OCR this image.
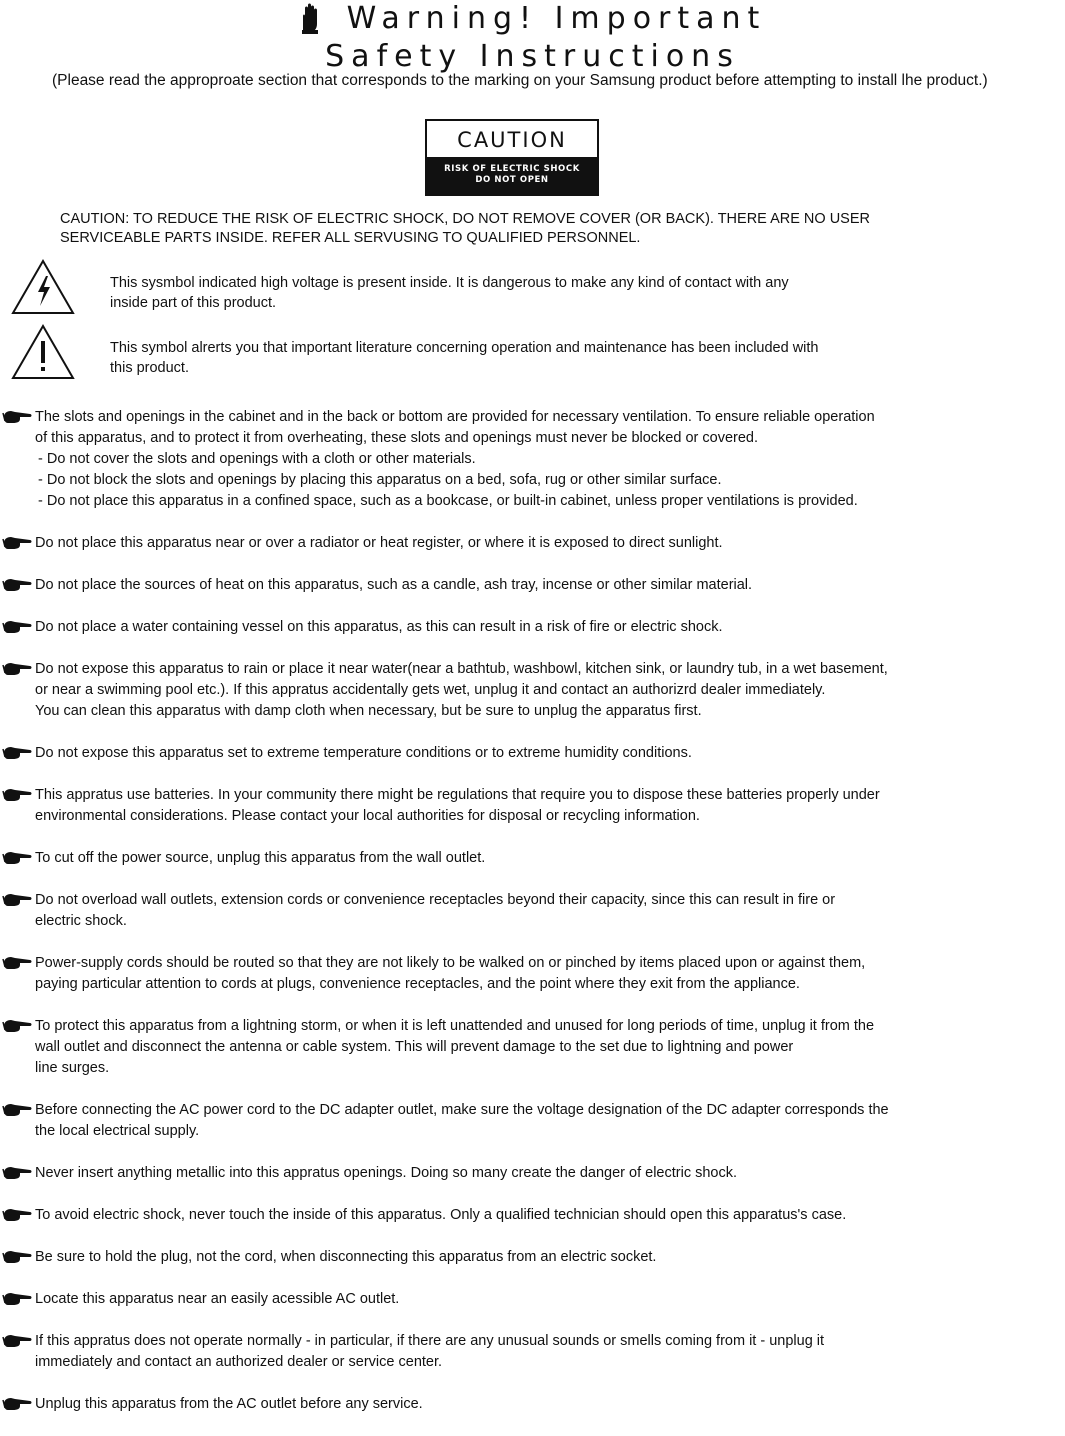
Warning! Important
Safety Instructions
(Please read the approproate section that corresponds to the marking on your Samsung product before attempting to install lhe product.)
CAUTION
RISK OF ELECTRIC SHOCK
DO NOT OPEN
CAUTION: TO REDUCE THE RISK OF ELECTRIC SHOCK, DO NOT REMOVE COVER (OR BACK). THERE ARE NO USER
SERVICEABLE PARTS INSIDE. REFER ALL SERVUSING TO QUALIFIED PERSONNEL.
This sysmbol indicated high voltage is present inside. It is dangerous to make any kind of contact with any
inside part of this product.
This symbol alrerts you that important literature concerning operation and maintenance has been included with
this product.
The slots and openings in the cabinet and in the back or bottom are provided for necessary ventilation. To ensure reliable operation
of this apparatus, and to protect it from overheating, these slots and openings must never be blocked or covered.
- Do not cover the slots and openings with a cloth or other materials.
- Do not block the slots and openings by placing this apparatus on a bed, sofa, rug or other similar surface.
- Do not place this apparatus in a confined space, such as a bookcase, or built-in cabinet, unless proper ventilations is provided.
Do not place this apparatus near or over a radiator or heat register, or where it is exposed to direct sunlight.
Do not place the sources of heat on this apparatus, such as a candle, ash tray, incense or other similar material.
Do not place a water containing vessel on this apparatus, as this can result in a risk of fire or electric shock.
Do not expose this apparatus to rain or place it near water(near a bathtub, washbowl, kitchen sink, or laundry tub, in a wet basement,
or near a swimming pool etc.). If this appratus accidentally gets wet, unplug it and contact an authorizrd dealer immediately.
You can clean this apparatus with damp cloth when necessary, but be sure to unplug the apparatus first.
Do not expose this apparatus set to extreme temperature conditions or to extreme humidity conditions.
This appratus use batteries. In your community there might be regulations that require you to dispose these batteries properly under
environmental considerations. Please contact your local authorities for disposal or recycling information.
To cut off the power source, unplug this apparatus from the wall outlet.
Do not overload wall outlets, extension cords or convenience receptacles beyond their capacity, since this can result in fire or
electric shock.
Power-supply cords should be routed so that they are not likely to be walked on or pinched by items placed upon or against them,
paying particular attention to cords at plugs, convenience receptacles, and the point where they exit from the appliance.
To protect this apparatus from a lightning storm, or when it is left unattended and unused for long periods of time, unplug it from the
wall outlet and disconnect the antenna or cable system. This will prevent damage to the set due to lightning and power
line surges.
Before connecting the AC power cord to the DC adapter outlet, make sure the voltage designation of the DC adapter corresponds the
the local electrical supply.
Never insert anything metallic into this appratus openings. Doing so many create the danger of electric shock.
To avoid electric shock, never touch the inside of this apparatus. Only a qualified technician should open this apparatus's case.
Be sure to hold the plug, not the cord, when disconnecting this apparatus from an electric socket.
Locate this apparatus near an easily acessible AC outlet.
If this appratus does not operate normally - in particular, if there are any unusual sounds or smells coming from it - unplug it
immediately and contact an authorized dealer or service center.
Unplug this apparatus from the AC outlet before any service.
